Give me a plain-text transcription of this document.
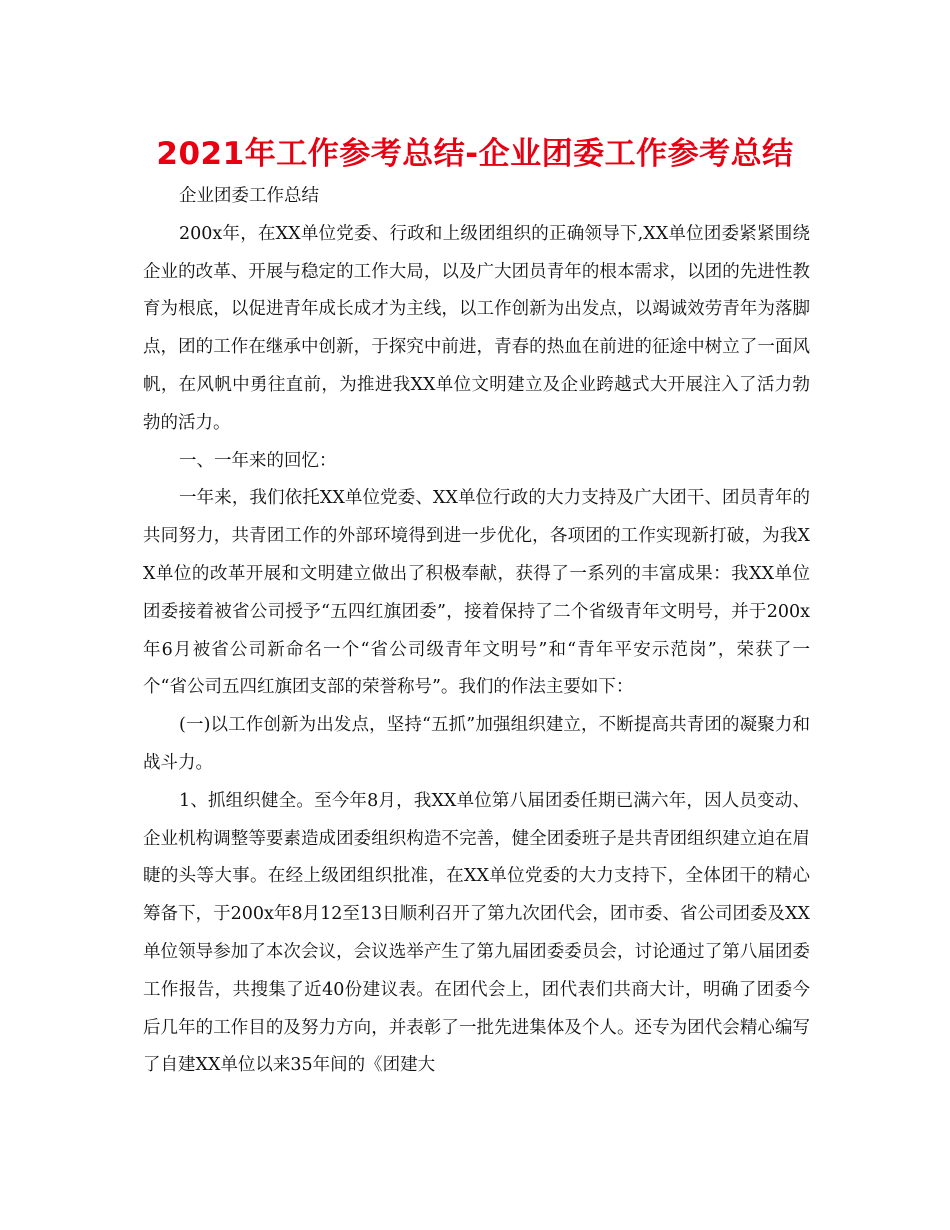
2021年工作参考总结-企业团委工作参考总结

企业团委工作总结

200x年，在XX单位党委、行政和上级团组织的正确领导下,XX单位团委紧紧围绕企业的改革、开展与稳定的工作大局，以及广大团员青年的根本需求，以团的先进性教育为根底，以促进青年成长成才为主线，以工作创新为出发点，以竭诚效劳青年为落脚点，团的工作在继承中创新，于探究中前进，青春的热血在前进的征途中树立了一面风帆，在风帆中勇往直前，为推进我XX单位文明建立及企业跨越式大开展注入了活力勃勃的活力。

一、一年来的回忆：

一年来，我们依托XX单位党委、XX单位行政的大力支持及广大团干、团员青年的共同努力，共青团工作的外部环境得到进一步优化，各项团的工作实现新打破，为我XX单位的改革开展和文明建立做出了积极奉献，获得了一系列的丰富成果：我XX单位团委接着被省公司授予“五四红旗团委”，接着保持了二个省级青年文明号，并于200x年6月被省公司新命名一个“省公司级青年文明号”和“青年平安示范岗”，荣获了一个“省公司五四红旗团支部的荣誉称号”。我们的作法主要如下：

(一)以工作创新为出发点，坚持“五抓”加强组织建立，不断提高共青团的凝聚力和战斗力。

1、抓组织健全。至今年8月，我XX单位第八届团委任期已满六年，因人员变动、企业机构调整等要素造成团委组织构造不完善，健全团委班子是共青团组织建立迫在眉睫的头等大事。在经上级团组织批准，在XX单位党委的大力支持下，全体团干的精心筹备下，于200x年8月12至13日顺利召开了第九次团代会，团市委、省公司团委及XX单位领导参加了本次会议，会议选举产生了第九届团委委员会，讨论通过了第八届团委工作报告，共搜集了近40份建议表。在团代会上，团代表们共商大计，明确了团委今后几年的工作目的及努力方向，并表彰了一批先进集体及个人。还专为团代会精心编写了自建XX单位以来35年间的《团建大
